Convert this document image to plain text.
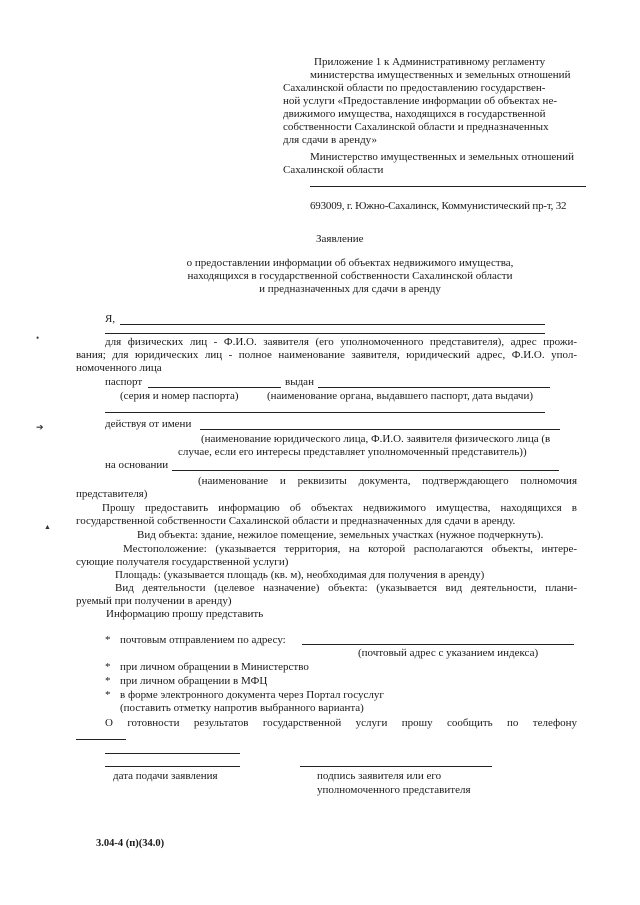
Приложение 1 к Административному регламенту
министерства имущественных и земельных отношений
Сахалинской области по предоставлению государствен-
ной услуги «Предоставление информации об объектах не-
движимого имущества, находящихся в государственной
собственности Сахалинской области и предназначенных
для сдачи в аренду»
Министерство имущественных и земельных отношений
Сахалинской области
693009, г. Южно-Сахалинск, Коммунистический пр-т, 32
Заявление
о предоставлении информации об объектах недвижимого имущества,
находящихся в государственной собственности Сахалинской области
и предназначенных для сдачи в аренду
Я,
для физических лиц - Ф.И.О. заявителя (его уполномоченного представителя), адрес прожи-
вания; для юридических лиц - полное наименование заявителя, юридический адрес, Ф.И.О. упол-
номоченного лица
паспорт	выдан
(серия и номер паспорта)	(наименование органа, выдавшего паспорт, дата выдачи)
действуя от имени
(наименование юридического лица, Ф.И.О. заявителя физического лица (в
случае, если его интересы представляет уполномоченный представитель))
на основании
(наименование и реквизиты документа, подтверждающего полномочия
представителя)
Прошу предоставить информацию об объектах недвижимого имущества, находящихся в
государственной собственности Сахалинской области и предназначенных для сдачи в аренду.
Вид объекта: здание, нежилое помещение, земельных участках (нужное подчеркнуть).
Местоположение: (указывается территория, на которой располагаются объекты, интере-
сующие получателя государственной услуги)
Площадь: (указывается площадь (кв. м), необходимая для получения в аренду)
Вид деятельности (целевое назначение) объекта: (указывается вид деятельности, плани-
руемый при получении в аренду)
Информацию прошу представить
* почтовым отправлением по адресу:
(почтовый адрес с указанием индекса)
* при личном обращении в Министерство
* при личном обращении в МФЦ
* в форме электронного документа через Портал госуслуг
(поставить отметку напротив выбранного варианта)
О готовности результатов государственной услуги прошу сообщить по телефону
дата подачи заявления	подпись заявителя или его
уполномоченного представителя
3.04-4 (п)(34.0)
•
➔
▲
